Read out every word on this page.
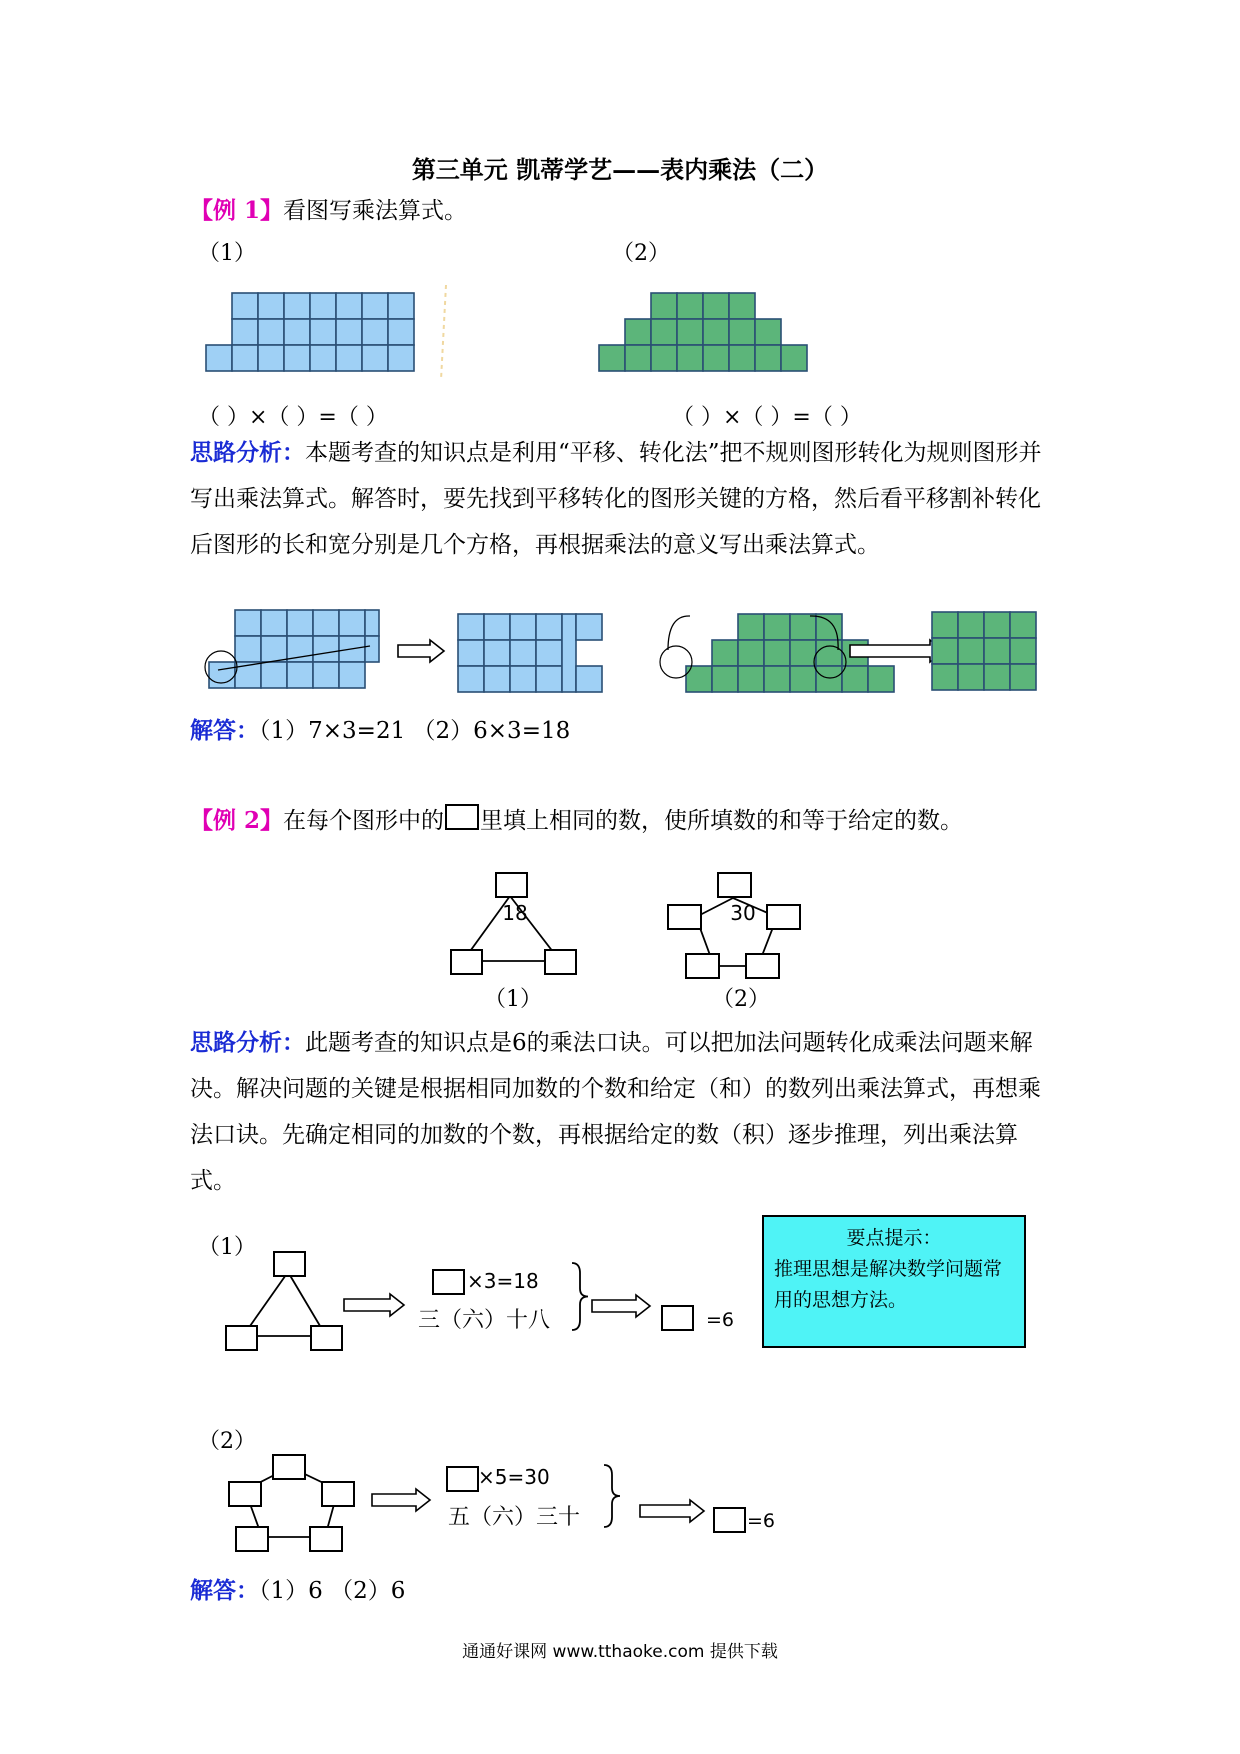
第三单元 凯蒂学艺——表内乘法（二）
【例 1】看图写乘法算式。
（1）	（2）
（ ）×（ ）=（ ）	（ ）×（ ）=（ ）
思路分析：本题考查的知识点是利用“平移、转化法”把不规则图形转化为规则图形并写出乘法算式。解答时，要先找到平移转化的图形关键的方格，然后看平移割补转化后图形的长和宽分别是几个方格，再根据乘法的意义写出乘法算式。
解答：（1）7×3=21 （2）6×3=18
【例 2】在每个图形中的 里填上相同的数，使所填数的和等于给定的数。
18	30
（1）	（2）
思路分析：此题考查的知识点是6的乘法口诀。可以把加法问题转化成乘法问题来解决。解决问题的关键是根据相同加数的个数和给定（和）的数列出乘法算式，再想乘法口诀。先确定相同的加数的个数，再根据给定的数（积）逐步推理，列出乘法算式。
（1）
×3=18
三（六）十八	=6
要点提示：
推理思想是解决数学问题常用的思想方法。
（2）
×5=30
五（六）三十	=6
解答：（1）6 （2）6
通通好课网 www.tthaoke.com 提供下载
